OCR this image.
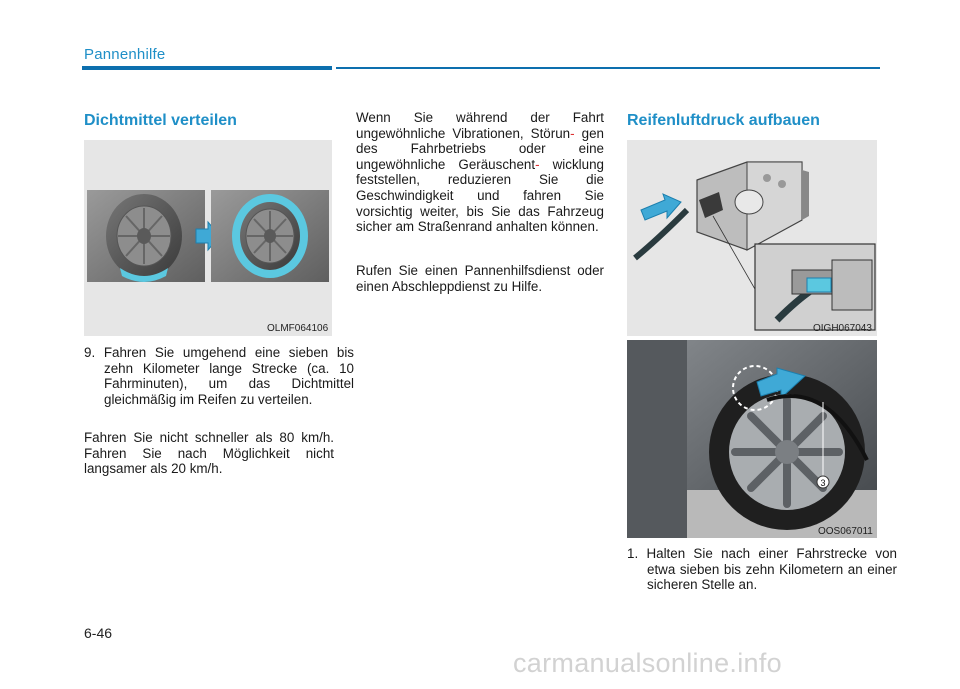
Pannenhilfe
Dichtmittel verteilen
OLMF064106
9. Fahren Sie umgehend eine sieben bis zehn Kilometer lange Strecke (ca. 10 Fahrminuten), um das Dichtmittel gleichmäßig im Reifen zu verteilen.

Fahren Sie nicht schneller als 80 km/h. Fahren Sie nach Möglichkeit nicht langsamer als 20 km/h.

Wenn Sie während der Fahrt ungewöhnliche Vibrationen, Störun- gen des Fahrbetriebs oder eine ungewöhnliche Geräuschent- wicklung feststellen, reduzieren Sie die Geschwindigkeit und fahren Sie vorsichtig weiter, bis Sie das Fahrzeug sicher am Straßenrand anhalten können.

Rufen Sie einen Pannenhilfsdienst oder einen Abschleppdienst zu Hilfe.

Reifenluftdruck aufbauen
OIGH067043
3
OOS067011
1. Halten Sie nach einer Fahrstrecke von etwa sieben bis zehn Kilometern an einer sicheren Stelle an.
6-46
carmanualsonline.info
